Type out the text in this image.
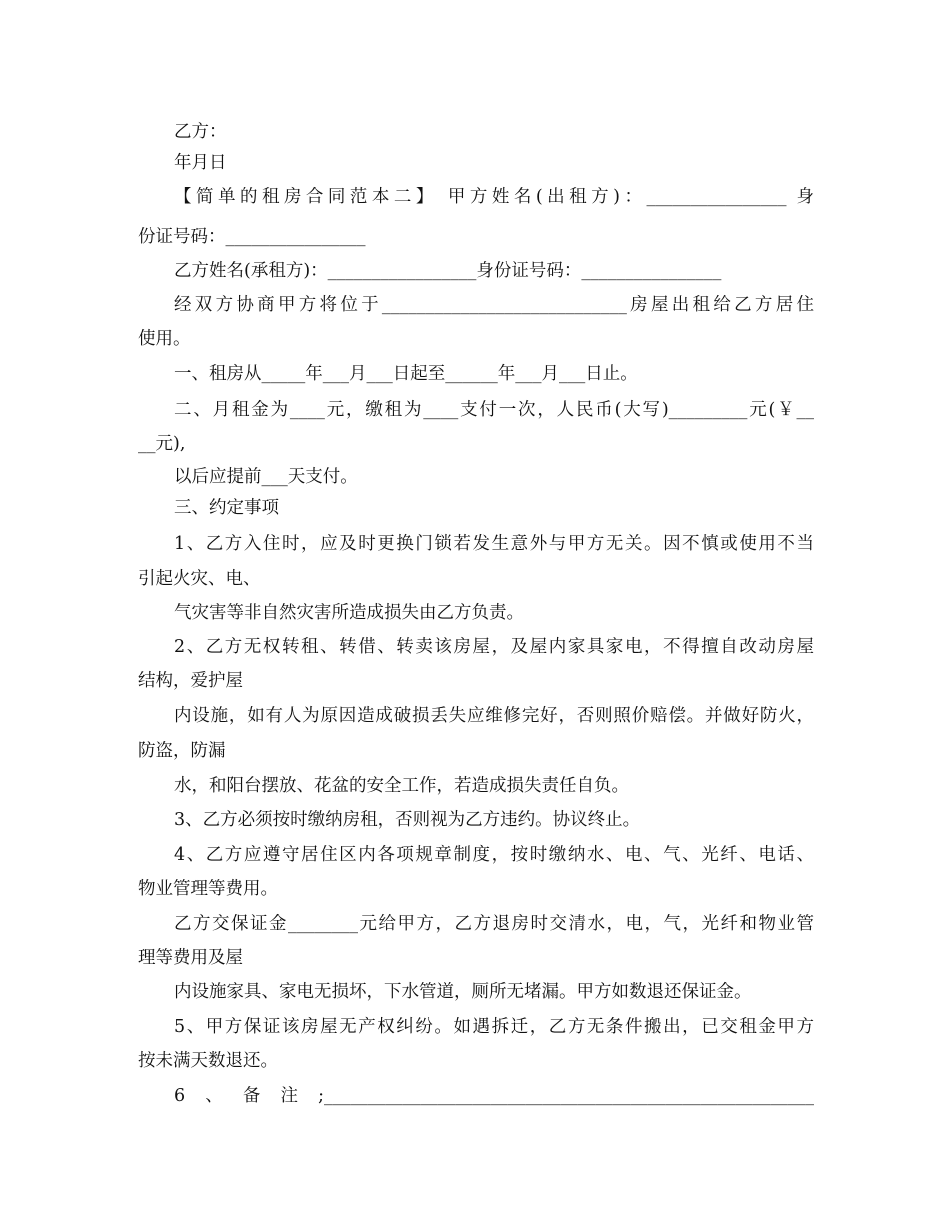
乙方：
年月日
【简单的租房合同范本二】 甲方姓名(出租方)：________________ 身
份证号码：________________
乙方姓名(承租方)：_________________身份证号码：________________
经双方协商甲方将位于____________________________房屋出租给乙方居住
使用。
一、租房从_____年___月___日起至______年___月___日止。
二、月租金为____元，缴租为____支付一次，人民币(大写)_________元(￥__
__元),
以后应提前___天支付。
三、约定事项
1、乙方入住时，应及时更换门锁若发生意外与甲方无关。因不慎或使用不当
引起火灾、电、
气灾害等非自然灾害所造成损失由乙方负责。
2、乙方无权转租、转借、转卖该房屋，及屋内家具家电，不得擅自改动房屋
结构，爱护屋
内设施，如有人为原因造成破损丢失应维修完好，否则照价赔偿。并做好防火，
防盗，防漏
水，和阳台摆放、花盆的安全工作，若造成损失责任自负。
3、乙方必须按时缴纳房租，否则视为乙方违约。协议终止。
4、乙方应遵守居住区内各项规章制度，按时缴纳水、电、气、光纤、电话、
物业管理等费用。
乙方交保证金________元给甲方，乙方退房时交清水，电，气，光纤和物业管
理等费用及屋
内设施家具、家电无损坏，下水管道，厕所无堵漏。甲方如数退还保证金。
5、甲方保证该房屋无产权纠纷。如遇拆迁，乙方无条件搬出，已交租金甲方
按未满天数退还。
6、备注;________________________________________________________
